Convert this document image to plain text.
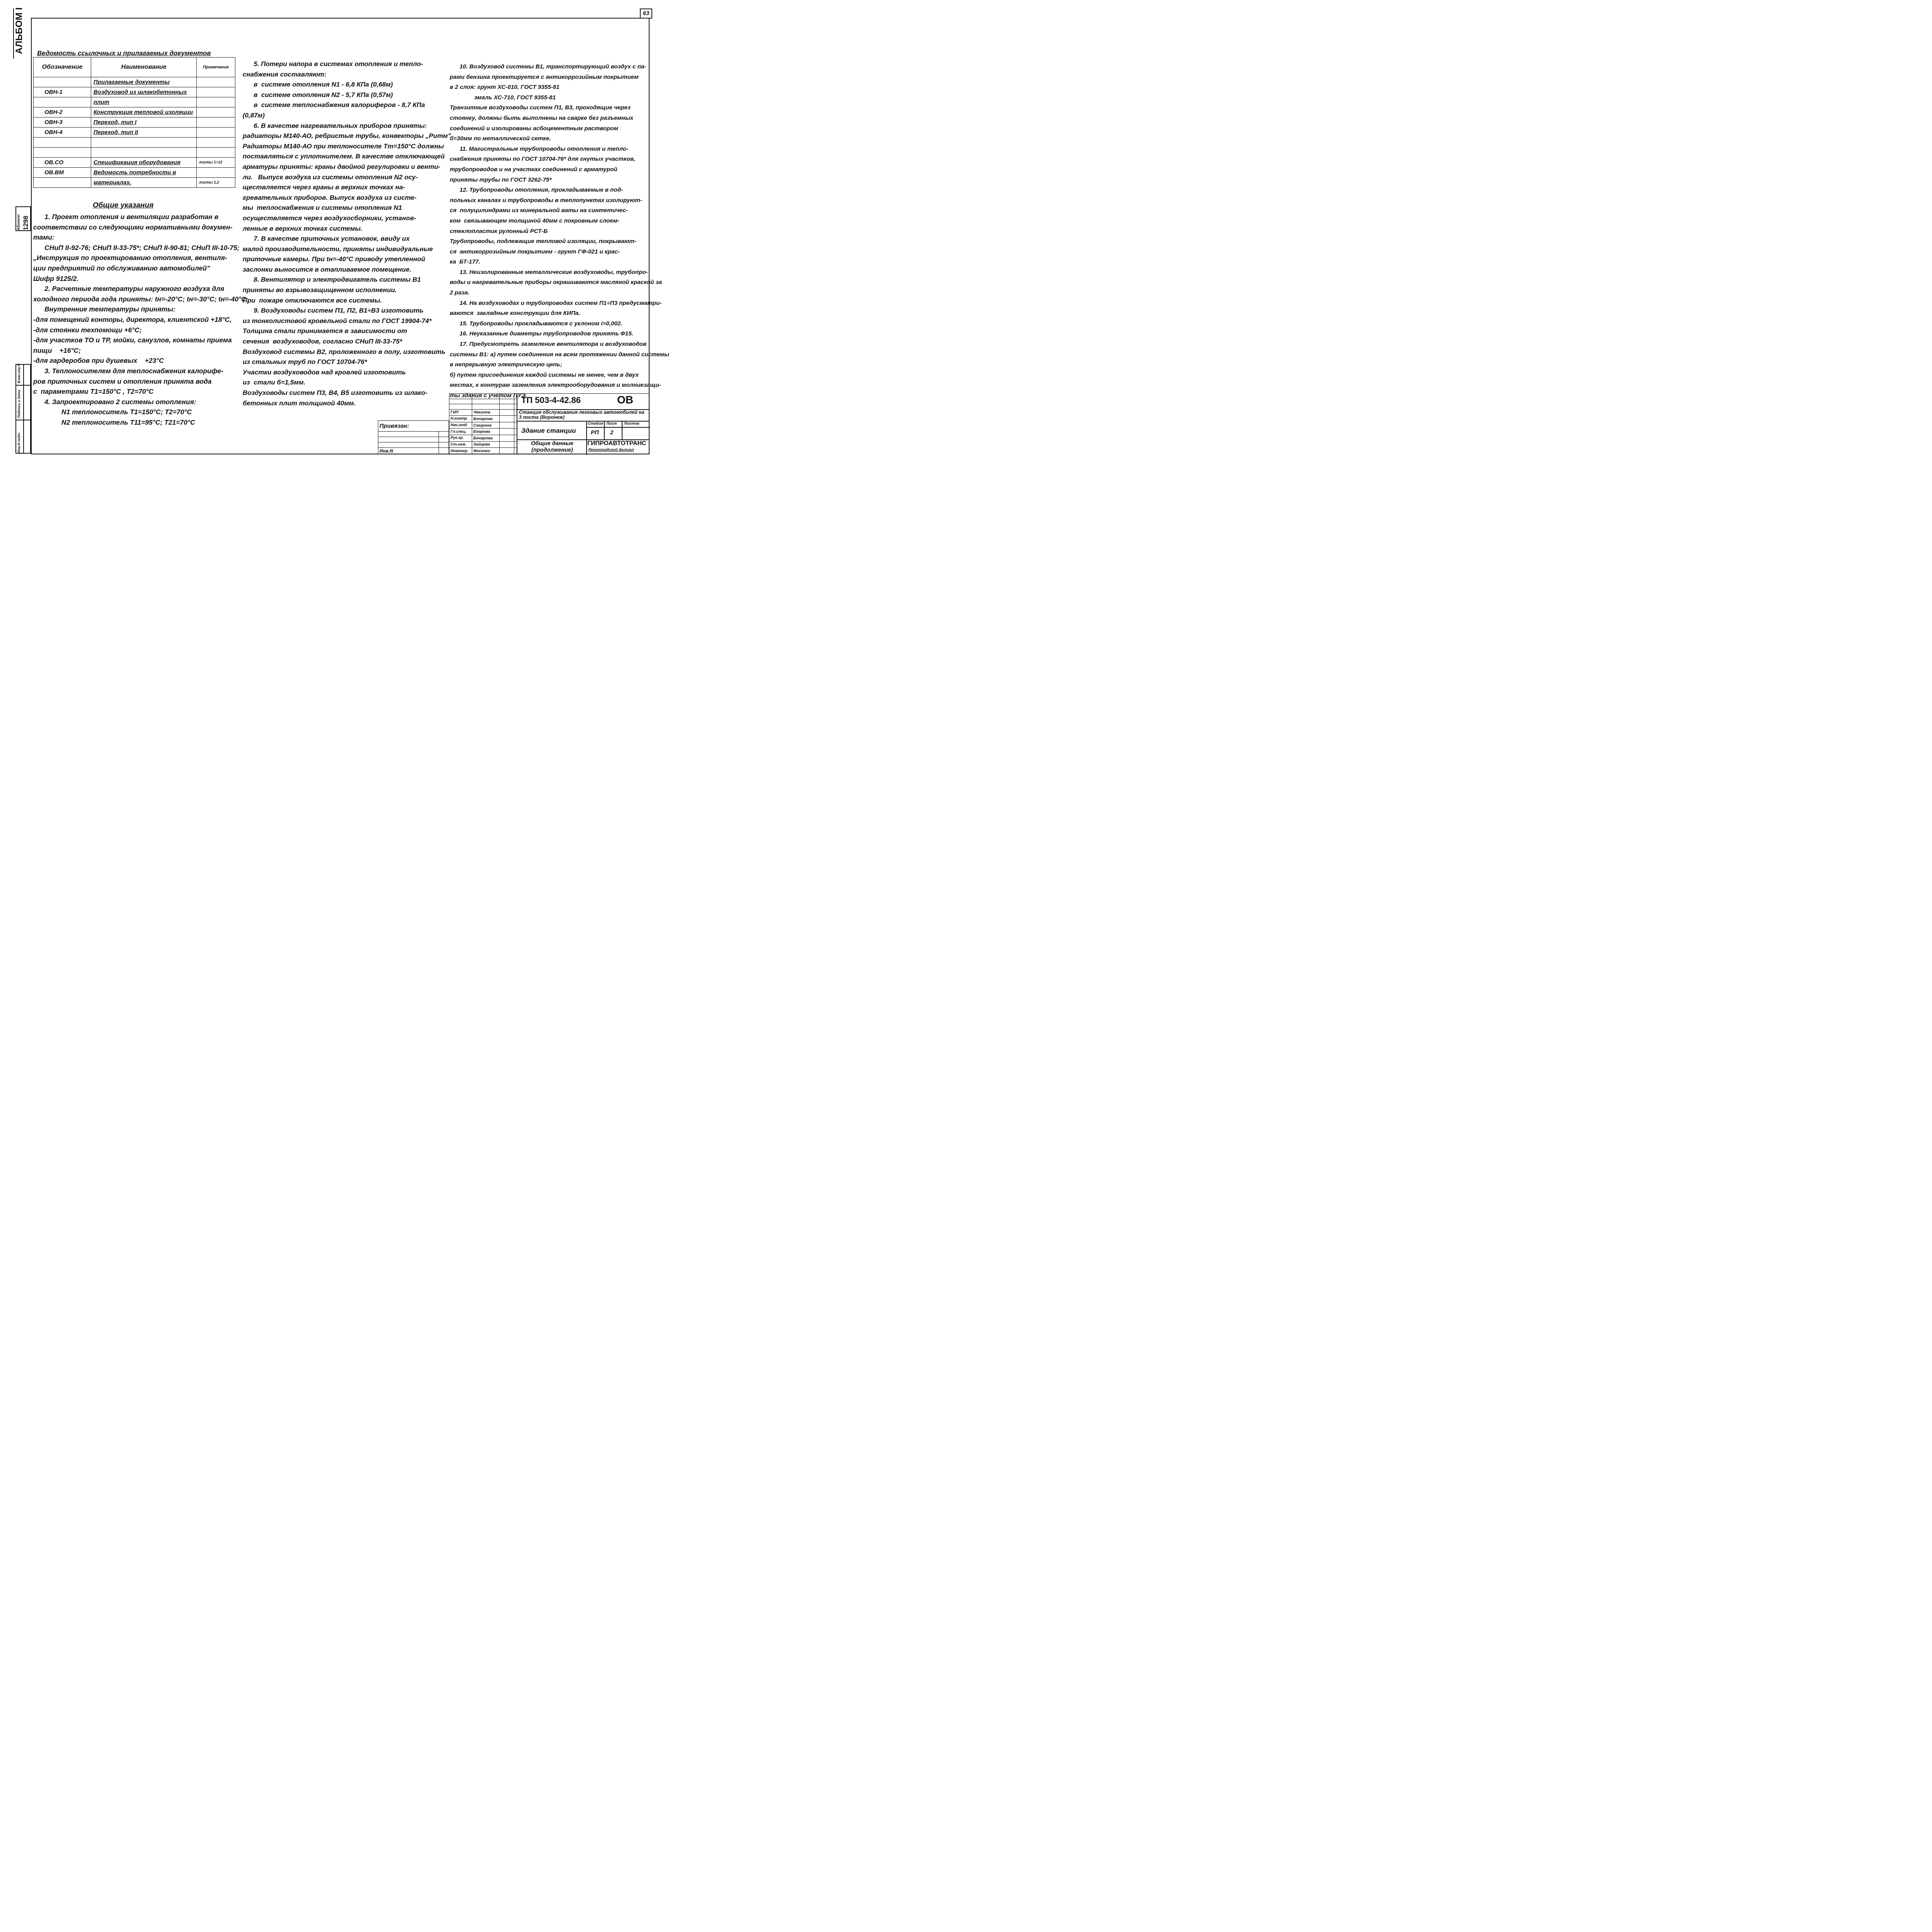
63
АЛЬБОМ I
Абонент 1298
Инв.N подл.
Подпись и дата
Взам.инв.N
Ведомость ссылочных и прилагаемых документов
Обозначение	Наименование	Примечание
	Прилагаемые документы	
ОВН-1	Воздуховод из шлакобетонных	
	плит	
ОВН-2	Конструкция тепловой изоляции	
ОВН-3	Переход, тип I	
ОВН-4	Переход, тип II	

ОВ.СО	Спецификация оборудования	листы 1÷12
ОВ.ВМ	Ведомость потребности в	
	материалах.	листы 1,2
Общие указания
1. Проект отопления и вентиляции разработан в
соответствии со следующими нормативными докумен-
тами:
СНиП II-92-76; СНиП II-33-75*; СНиП II-90-81; СНиП III-10-75;
„Инструкция по проектированию отопления, вентиля-
ции предприятий по обслуживанию автомобилей"
Шифр 9125/2.
2. Расчетные температуры наружного воздуха для
холодного периода года приняты: tн=-20°С; tн=-30°С; tн=-40°С
Внутренние температуры приняты:
-для помещений конторы, директора, клиентской +18°С,
-для стоянки техпомощи +6°С;
-для участков ТО и ТР, мойки, санузлов, комнаты приема
пищи    +16°С;
-для гардеробов при душевых    +23°С
3. Теплоносителем для теплоснабжения калорифе-
ров приточных систем и отопления принята вода
с  параметрами Т1=150°С , Т2=70°С
4. Запроектировано 2 системы отопления:
N1 теплоноситель Т1=150°С; Т2=70°С
N2 теплоноситель Т11=95°С; Т21=70°С
5. Потери напора в системах отопления и тепло-
снабжения составляют:
в  системе отопления N1 - 6,8 КПа (0,68м)
в  системе отопления N2 - 5,7 КПа (0,57м)
в  системе теплоснабжения калориферов - 8,7 КПа
(0,87м)
6. В качестве нагревательных приборов приняты:
радиаторы М140-АО, ребристые трубы, конвекторы „Ритм"
Радиаторы М140-АО при теплоносителе Тт=150°С должны
поставляться с уплотнителем. В качестве отключающей
арматуры приняты: краны двойной регулировки и венти-
ли.   Выпуск воздуха из системы отопления N2 осу-
ществляется через краны в верхних точках на-
гревательных приборов. Выпуск воздуха из систе-
мы  теплоснабжения и системы отопления N1
осуществляется через воздухосборники, установ-
ленные в верхних точках системы.
7. В качестве приточных установок, ввиду их
малой производительности, приняты индивидуальные
приточные камеры. При tн=-40°С приводу утепленной
заслонки выносится в отапливаемое помещение.
8. Вентилятор и электродвигатель системы В1
приняты во взрывозащищенном исполнении.
При  пожаре отключаются все системы.
9. Воздуховоды систем П1, П2, В1÷В3 изготовить
из тонколистовой кровельной стали по ГОСТ 19904-74*
Толщина стали принимается в зависимости от
сечения  воздуховодов, согласно СНиП III-33-75*
Воздуховод системы В2, проложенного в полу, изготовить
из стальных труб по ГОСТ 10704-76*
Участки воздуховодов над кровлей изготовить
из  стали б=1,5мм.
Воздуховоды систем П3, В4, В5 изготовить из шлако-
бетонных плит толщиной 40мм.
10. Воздуховод системы В1, транспортирующий воздух с па-
рами бензина проектируется с антикоррозийным покрытием
в 2 слоя: грунт ХС-010, ГОСТ 9355-81
эмаль ХС-710, ГОСТ 9355-81
Транзитные воздуховоды систем П1, В3, проходящие через
стоянку, должны быть выполнены на сварке без разъемных
соединений и изолированы асбоцементным раствором
б=30мм по металлической сетке.
11. Магистральные трубопроводы отопления и тепло-
снабжения приняты по ГОСТ 10704-76* для гнутых участков,
трубопроводов и на участках соединений с арматурой
приняты трубы по ГОСТ 3262-75*
12. Трубопроводы отопления, прокладываемые в под-
польных каналах и трубопроводы в теплопунктах изолируют-
ся  полуцилиндрами из минеральной ваты на синтетичес-
ком  связывающем толщиной 40мм с покровным слоем-
стеклопластик рулонный РСТ-Б
Трубопроводы, подлежащие тепловой изоляции, покрывают-
ся  антикоррозийным покрытием - грунт ГФ-021 и крас-
ка  БТ-177.
13. Неизолированные металлические воздуховоды, трубопро-
воды и нагревательные приборы окрашиваются масляной краской за
2 раза.
14. На воздуховодах и трубопроводах систем П1÷П3 предусматри-
ваются  закладные конструкции для КИПа.
15. Трубопроводы прокладываются с уклоном i=0,002.
16. Неуказанные диаметры трубопроводов принять Ф15.
17. Предусмотреть заземление вентилятора и воздуховодов
системы В1: а) путем соединения на всем протяжении данной системы
в непрерывную электрическую цепь;
б) путем присоединения каждой системы не менее, чем в двух
местах, к контурам заземления электрооборудования и молниезащи-
ты здания с учетом ПУЭ.
Привязан:	

Инв.N	

ГИП	Чекалов		
Н.контр.	Бочарова		
Нач.отд.	Смирнов		
Гл.спец.	Егорова		
Рук.гр.	Бочарова		
Ст.инж.	Зайцева		
Инженер	Фесенко		
ТП 503-4-42.86	ОВ
Станция обслуживания легковых автомобилей на 3 поста (Воронеж)
Здание станции
Общие данные (продолжение)
Стадия Лист Листов
РП 2
ГИПРОАВТОТРАНС
Ленинградский филиал
